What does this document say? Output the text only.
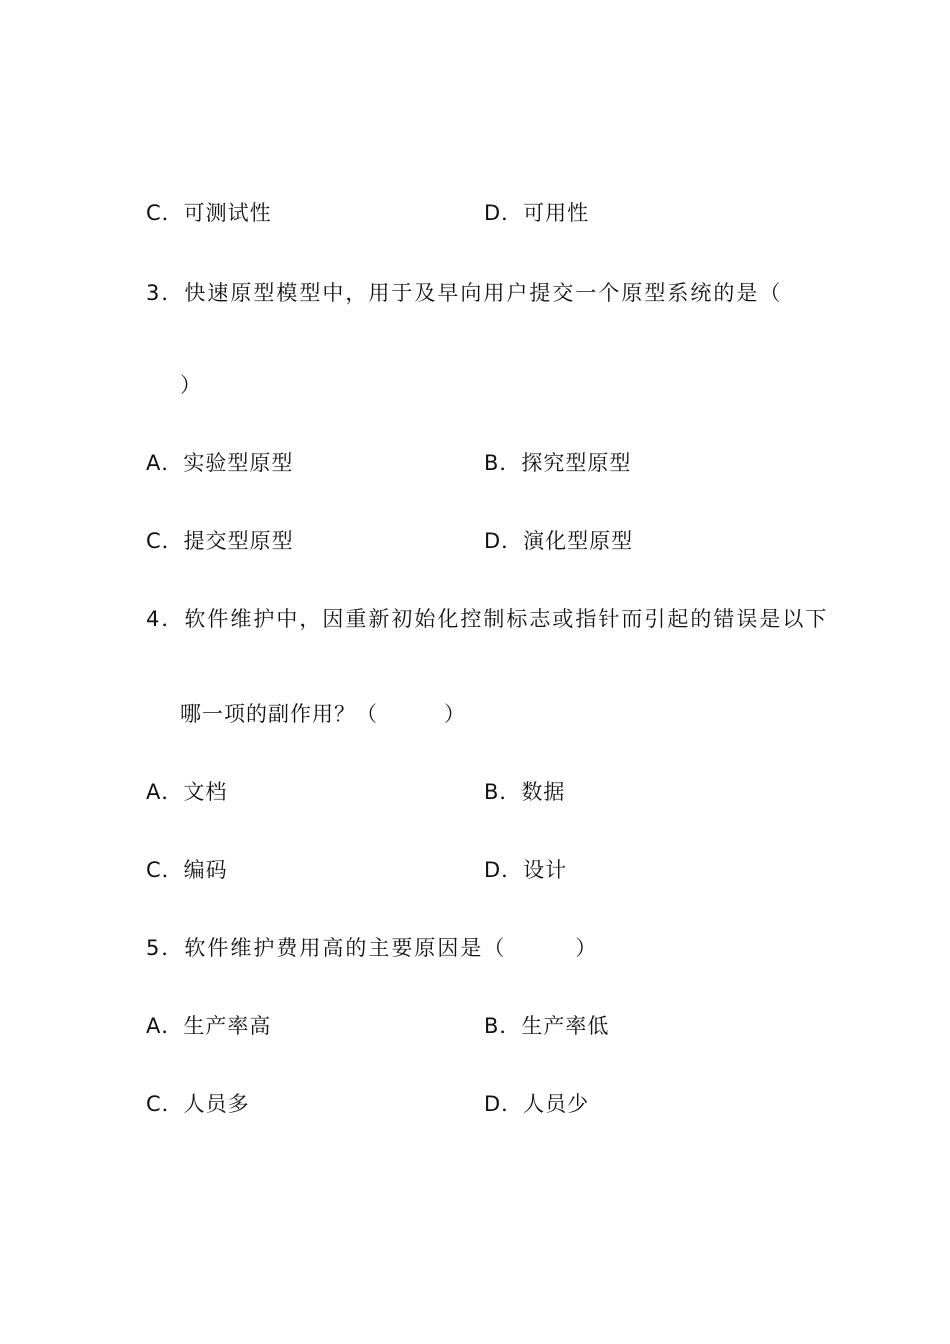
C．可测试性	D．可用性
3．快速原型模型中，用于及早向用户提交一个原型系统的是（
）
A．实验型原型	B．探究型原型
C．提交型原型	D．演化型原型
4．软件维护中，因重新初始化控制标志或指针而引起的错误是以下
哪一项的副作用？（　　　）
A．文档	B．数据
C．编码	D．设计
5．软件维护费用高的主要原因是（　　　）
A．生产率高	B．生产率低
C．人员多	D．人员少
